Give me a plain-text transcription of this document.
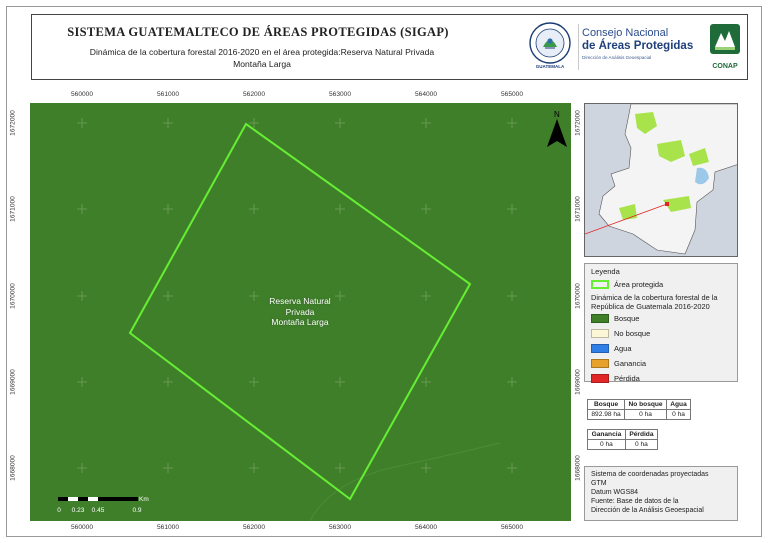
SISTEMA GUATEMALTECO DE ÁREAS PROTEGIDAS (SIGAP)
Dinámica de la cobertura forestal 2016-2020 en el área protegida:Reserva Natural Privada Montaña Larga	GUATEMALA
Consejo Nacional
de Áreas Protegidas
Dirección de Análisis Geoespacial
CONAP
560000
560000
561000
561000
562000
562000
563000
563000
564000
564000
565000
565000
1672000	1672000
1671000	1671000
1670000	1670000
1669000	1669000
1668000	1668000
N
Reserva Natural
Privada
Montaña Larga
Km
0 0.23 0.45	0.9
Leyenda
Área protegida
Dinámica de la cobertura forestal de la República de Guatemala 2016-2020
Bosque
No bosque
Agua
Ganancia
Pérdida
Bosque	No bosque	Agua
892.98 ha	0 ha	0 ha
Ganancia	Pérdida
0 ha	0 ha
Sistema de coordenadas proyectadas
GTM
Datum WGS84
Fuente: Base de datos de la
Dirección de la Análisis Geoespacial
